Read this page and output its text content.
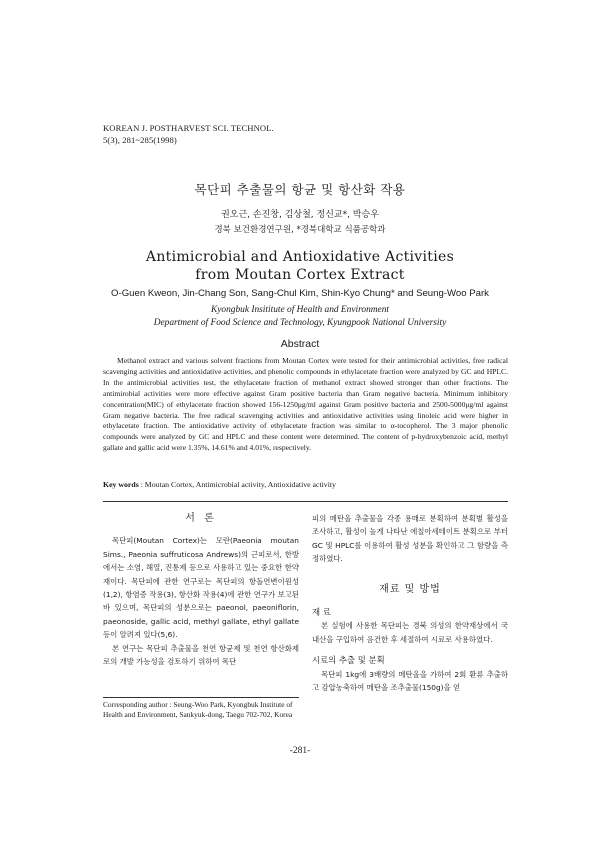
KOREAN J. POSTHARVEST SCI. TECHNOL.
5(3), 281~285(1998)
목단피 추출물의 항균 및 항산화 작용
권오근, 손진창, 김상철, 정신교*, 박승우
경북 보건환경연구원, *경북대학교 식품공학과
Antimicrobial and Antioxidative Activities
from Moutan Cortex Extract
O-Guen Kweon, Jin-Chang Son, Sang-Chul Kim, Shin-Kyo Chung* and Seung-Woo Park
Kyongbuk Insititute of Health and Environment
Department of Food Science and Technology, Kyungpook National University
Abstract
Methanol extract and various solvent fractions from Moutan Cortex were tested for their antimicrobial activities, free radical scavenging activities and antioxidative activities, and phenolic compounds in ethylacetate fraction were analyzed by GC and HPLC. In the antimicrobial activities test, the ethylacetate fraction of methanol extract showed stronger than other fractions. The antimirobial activities were more effective against Gram positive bacteria than Gram negative bacteria. Minimum inhibitory concentration(MIC) of ethylacetate fraction showed 156-1250μg/ml against Gram positive bacteria and 2500-5000μg/ml against Gram negative bacteria. The free radical scavenging activities and antioxidative activities using linoleic acid were higher in ethylacetate fraction. The antioxidative activity of ethylacetate fraction was similar to α-tocopherol. The 3 major phenolic compounds were analyzed by GC and HPLC and these content were determined. The content of p-hydroxybenzoic acid, methyl gallate and gallic acid were 1.35%, 14.61% and 4.01%, respectively.
Key words : Moutan Cortex, Antimicrobial activity, Antioxidative activity
서 론

목단피(Moutan Cortex)는 모란(Paeonia moutan Sims., Paeonia suffruticosa Andrews)의 근피로서, 한방에서는 소염, 해열, 진통제 등으로 사용하고 있는 중요한 한약재이다. 목단피에 관한 연구로는 목단피의 항돌연변이원성(1,2), 항염증 작용(3), 항산화 작용(4)에 관한 연구가 보고된 바 있으며, 목단피의 성분으로는 paeonol, paeoniflorin, paeonoside, gallic acid, methyl gallate, ethyl gallate등이 알려져 있다(5,6).

본 연구는 목단피 추출물을 천연 항균제 및 천연 항산화제로의 개발 가능성을 검토하기 위하여 목단

Corresponding author : Seung-Woo Park, Kyongbuk Institute of Health and Environment, Sankyuk-dong, Taegu 702-702, Korea

피의 메탄올 추출물을 각종 용매로 분획하여 분획별 활성을 조사하고, 활성이 높게 나타난 에칠아세테이트 분획으로 부터 GC 및 HPLC를 이용하여 활성 성분을 확인하고 그 함량을 측정하였다.

재료 및 방법
재 료

본 실험에 사용한 목단피는 경북 의성의 한약재상에서 국내산을 구입하여 음건한 후 세절하여 시료로 사용하였다.

시료의 추출 및 분획

목단피 1kg에 3배량의 메탄올을 가하여 2회 환류 추출하고 감압농축하여 메탄올 조추출물(150g)을 얻

-281-
